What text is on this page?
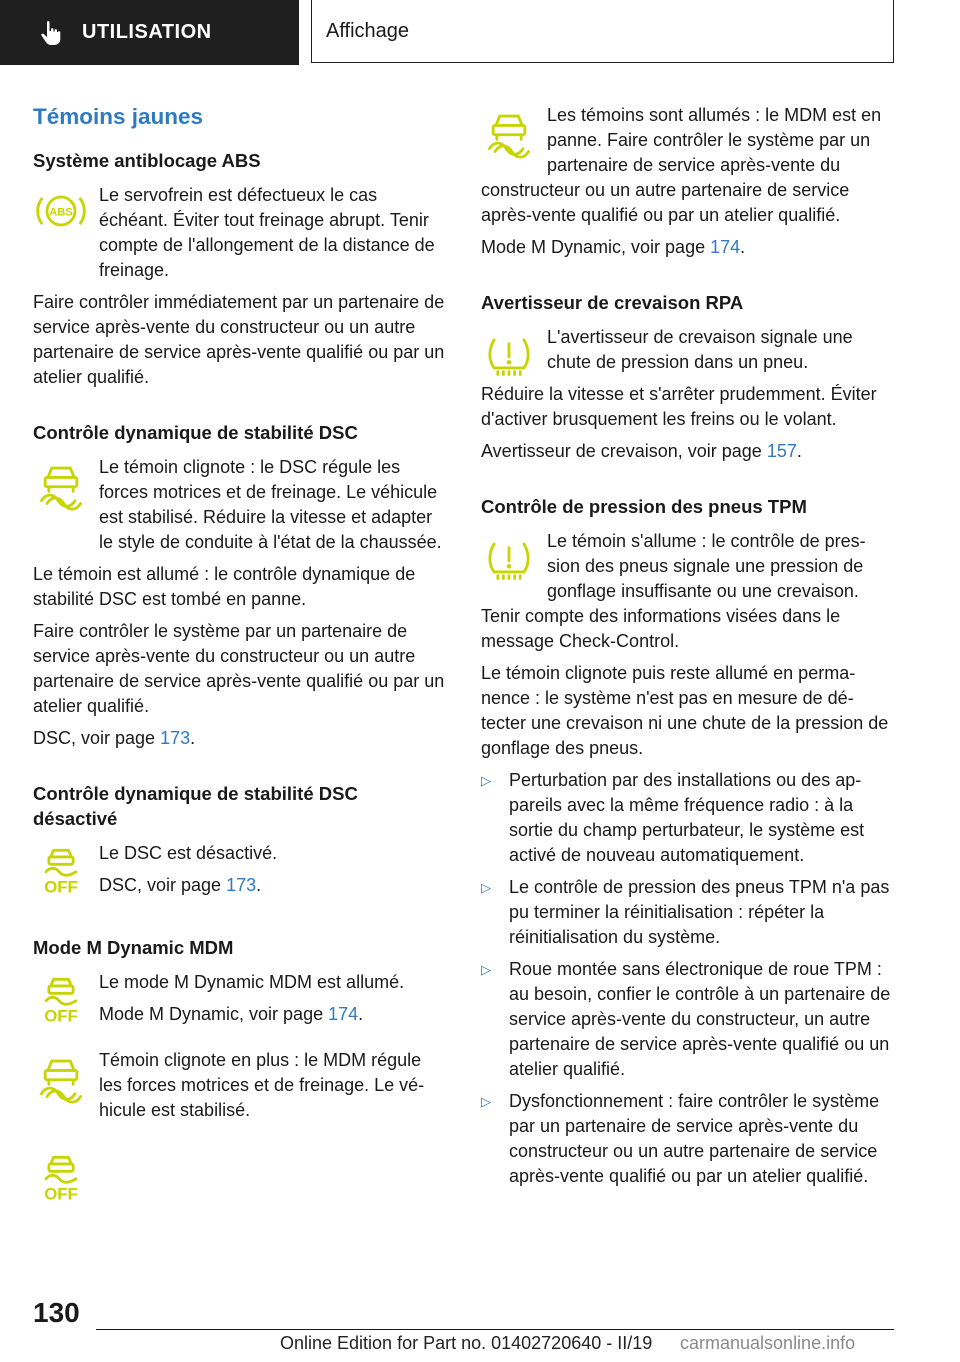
UTILISATION	Affichage
Témoins jaunes
Système antiblocage ABS

Le servofrein est défectueux le cas échéant. Éviter tout freinage abrupt. Tenir compte de l'allongement de la distance de freinage.

Faire contrôler immédiatement par un partenaire de service après-vente du constructeur ou un autre partenaire de service après-vente qualifié ou par un atelier qualifié.

Contrôle dynamique de stabilité DSC

Le témoin clignote : le DSC régule les forces motrices et de freinage. Le véhicule est stabilisé. Réduire la vitesse et adapter le style de conduite à l'état de la chaussée.

Le témoin est allumé : le contrôle dynamique de stabilité DSC est tombé en panne.

Faire contrôler le système par un partenaire de service après-vente du constructeur ou un autre partenaire de service après-vente qualifié ou par un atelier qualifié.

DSC, voir page 173.

Contrôle dynamique de stabilité DSC désactivé

Le DSC est désactivé.

DSC, voir page 173.

Mode M Dynamic MDM

Le mode M Dynamic MDM est allumé.

Mode M Dynamic, voir page 174.

Témoin clignote en plus : le MDM régule les forces motrices et de freinage. Le véhicule est stabilisé.

Les témoins sont allumés : le MDM est en panne. Faire contrôler le système par un partenaire de service après-vente du constructeur ou un autre partenaire de service après-vente qualifié ou par un atelier qualifié.

Mode M Dynamic, voir page 174.

Avertisseur de crevaison RPA

L'avertisseur de crevaison signale une chute de pression dans un pneu.

Réduire la vitesse et s'arrêter prudemment. Éviter d'activer brusquement les freins ou le volant.

Avertisseur de crevaison, voir page 157.

Contrôle de pression des pneus TPM

Le témoin s'allume : le contrôle de pression des pneus signale une pression de gonflage insuffisante ou une crevaison. Tenir compte des informations visées dans le message Check-Control.

Le témoin clignote puis reste allumé en permanence : le système n'est pas en mesure de détecter une crevaison ni une chute de la pression de gonflage des pneus.

▷	Perturbation par des installations ou des appareils avec la même fréquence radio : à la sortie du champ perturbateur, le système est activé de nouveau automatiquement.
▷	Le contrôle de pression des pneus TPM n'a pas pu terminer la réinitialisation : répéter la réinitialisation du système.
▷	Roue montée sans électronique de roue TPM : au besoin, confier le contrôle à un partenaire de service après-vente du constructeur, un autre partenaire de service après-vente qualifié ou un atelier qualifié.
▷	Dysfonctionnement : faire contrôler le système par un partenaire de service après-vente du constructeur ou un autre partenaire de service après-vente qualifié ou par un atelier qualifié.
130
Online Edition for Part no. 01402720640 - II/19 carmanualsonline.info
